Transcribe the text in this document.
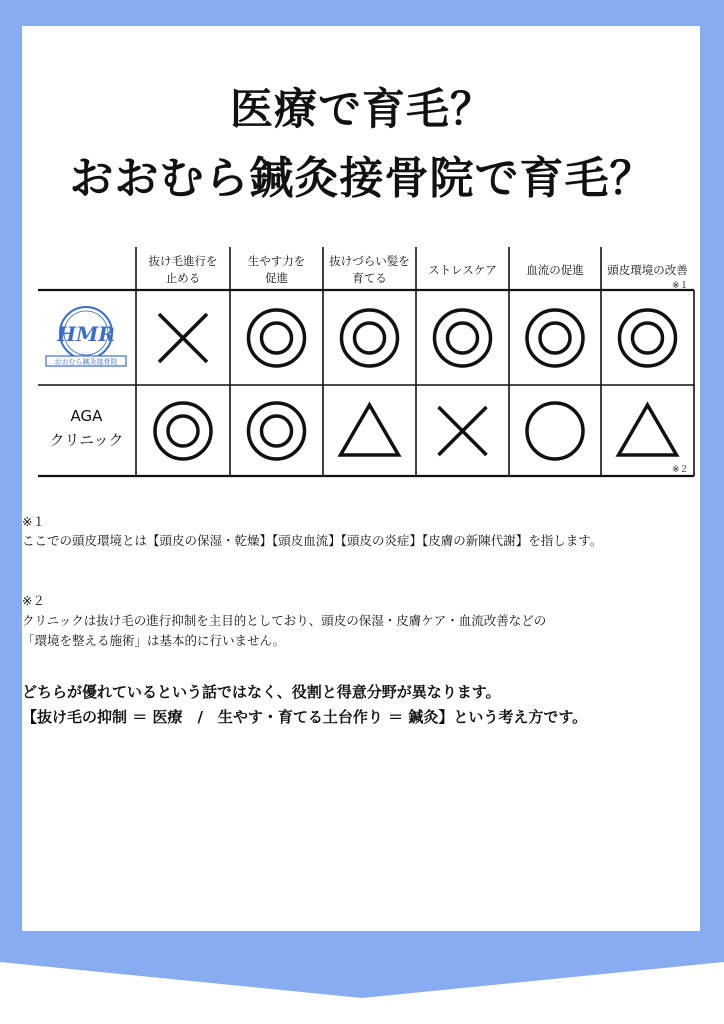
医療で育毛？
おおむら鍼灸接骨院で育毛？
抜け毛進行を
止める
生やす力を
促進
抜けづらい髪を
育てる
ストレスケア	血流の促進	頭皮環境の改善
※１
HMR
おおむら鍼灸接骨院
AGA
クリニック
※２
※１
ここでの頭皮環境とは【頭皮の保湿・乾燥】【頭皮血流】【頭皮の炎症】【皮膚の新陳代謝】を指します。
※２
クリニックは抜け毛の進行抑制を主目的としており、頭皮の保湿・皮膚ケア・血流改善などの
「環境を整える施術」は基本的に行いません。
どちらが優れているという話ではなく、役割と得意分野が異なります。
【抜け毛の抑制 ＝ 医療　/　生やす・育てる土台作り ＝ 鍼灸】という考え方です。
